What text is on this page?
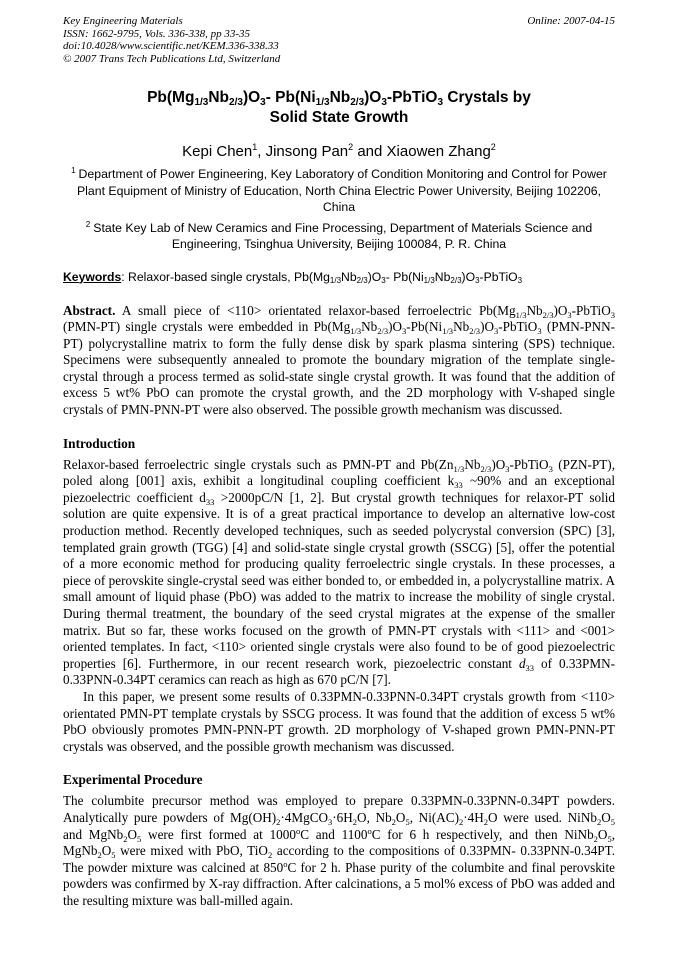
Key Engineering Materials
ISSN: 1662-9795, Vols. 336-338, pp 33-35
doi:10.4028/www.scientific.net/KEM.336-338.33
© 2007 Trans Tech Publications Ltd, Switzerland
Online: 2007-04-15
$Pb(Mg_{1/3}Nb_{2/3})O_3-$ $Pb(Ni_{1/3}Nb_{2/3})O_3-PbTiO_3$ Crystals by
Solid State Growth
Kepi Chen$^1$, Jinsong Pan$^2$ and Xiaowen Zhang$^2$
$^1$ Department of Power Engineering, Key Laboratory of Condition Monitoring and Control for Power Plant Equipment of Ministry of Education, North China Electric Power University, Beijing 102206, China
$^2$ State Key Lab of New Ceramics and Fine Processing, Department of Materials Science and Engineering, Tsinghua University, Beijing 100084, P. R. China
Keywords: Relaxor-based single crystals, $Pb(Mg_{1/3}Nb_{2/3})O_3-$ $Pb(Ni_{1/3}Nb_{2/3})O_3-PbTiO_3$

Abstract. A small piece of <110> orientated relaxor-based ferroelectric $Pb(Mg_{1/3}Nb_{2/3})O_3-PbTiO_3$ (PMN-PT) single crystals were embedded in $Pb(Mg_{1/3}Nb_{2/3})O_3-Pb(Ni_{1/3}Nb_{2/3})O_3-PbTiO_3$ (PMN-PNN-PT) polycrystalline matrix to form the fully dense disk by spark plasma sintering (SPS) technique. Specimens were subsequently annealed to promote the boundary migration of the template single-crystal through a process termed as solid-state single crystal growth. It was found that the addition of excess 5 wt% PbO can promote the crystal growth, and the 2D morphology with V-shaped single crystals of PMN-PNN-PT were also observed. The possible growth mechanism was discussed.

Introduction

Relaxor-based ferroelectric single crystals such as PMN-PT and $Pb(Zn_{1/3}Nb_{2/3})O_3-PbTiO_3$ (PZN-PT), poled along [001] axis, exhibit a longitudinal coupling coefficient $k_{33}$ ~90% and an exceptional piezoelectric coefficient $d_{33} >2000pC/N$ [1, 2]. But crystal growth techniques for relaxor-PT solid solution are quite expensive. It is of a great practical importance to develop an alternative low-cost production method. Recently developed techniques, such as seeded polycrystal conversion (SPC) [3], templated grain growth (TGG) [4] and solid-state single crystal growth (SSCG) [5], offer the potential of a more economic method for producing quality ferroelectric single crystals. In these processes, a piece of perovskite single-crystal seed was either bonded to, or embedded in, a polycrystalline matrix. A small amount of liquid phase (PbO) was added to the matrix to increase the mobility of single crystal. During thermal treatment, the boundary of the seed crystal migrates at the expense of the smaller matrix. But so far, these works focused on the growth of PMN-PT crystals with <111> and <001> oriented templates. In fact, <110> oriented single crystals were also found to be of good piezoelectric properties [6]. Furthermore, in our recent research work, piezoelectric constant $d_{33}$ of 0.33PMN-0.33PNN-0.34PT ceramics can reach as high as 670 pC/N [7].

In this paper, we present some results of 0.33PMN-0.33PNN-0.34PT crystals growth from <110> orientated PMN-PT template crystals by SSCG process. It was found that the addition of excess 5 wt% PbO obviously promotes PMN-PNN-PT growth. 2D morphology of V-shaped grown PMN-PNN-PT crystals was observed, and the possible growth mechanism was discussed.

Experimental Procedure

The columbite precursor method was employed to prepare 0.33PMN-0.33PNN-0.34PT powders. Analytically pure powders of $Mg(OH)_2\cdot 4MgCO_3\cdot 6H_2O$, $Nb_2O_5$, $Ni(AC)_2\cdot 4H_2O$ were used. $NiNb_2O_5$ and $MgNb_2O_5$ were first formed at 1000$^o$C and 1100$^o$C for 6 h respectively, and then $NiNb_2O_5$, $MgNb_2O_5$ were mixed with PbO, TiO$_2$ according to the compositions of 0.33PMN- 0.33PNN-0.34PT. The powder mixture was calcined at 850$^o$C for 2 h. Phase purity of the columbite and final perovskite powders was confirmed by X-ray diffraction. After calcinations, a 5 mol% excess of PbO was added and the resulting mixture was ball-milled again.
